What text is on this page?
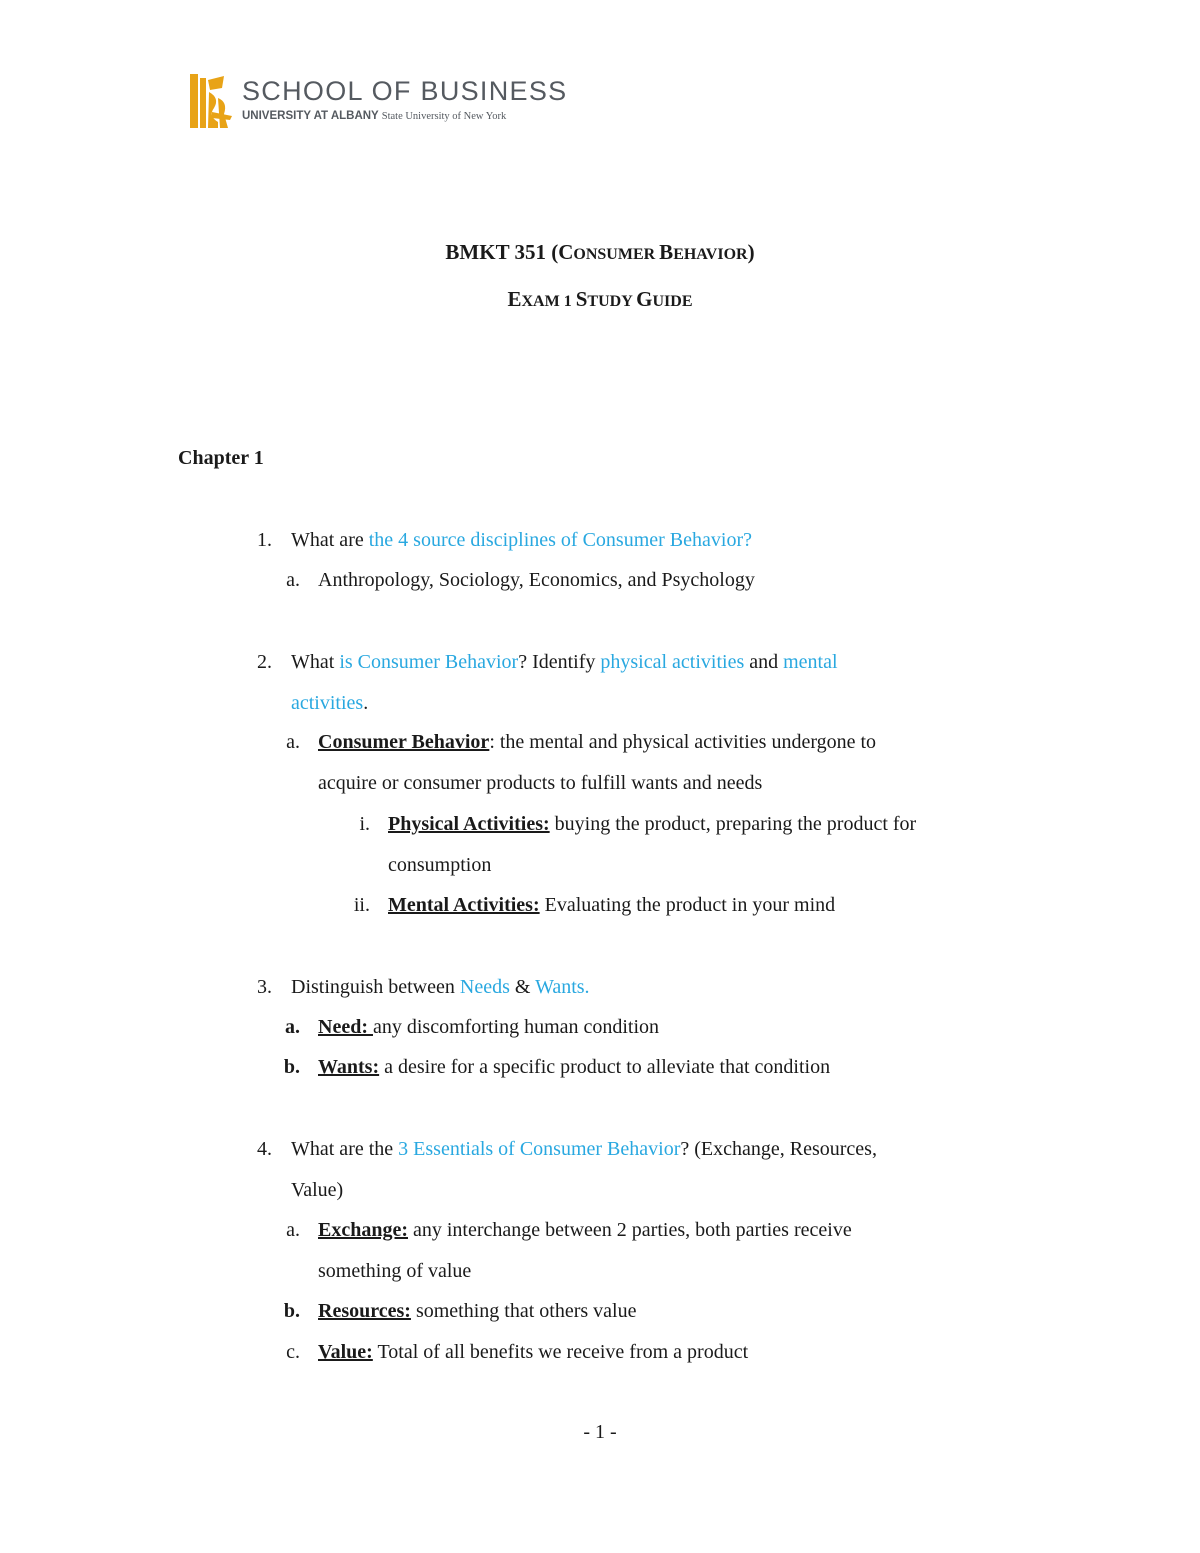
SCHOOL OF BUSINESS
UNIVERSITY AT ALBANY State University of New York
BMKT 351 (CONSUMER BEHAVIOR)
EXAM 1 STUDY GUIDE
Chapter 1
1. What are the 4 source disciplines of Consumer Behavior?
a. Anthropology, Sociology, Economics, and Psychology
2. What is Consumer Behavior? Identify physical activities and mental
activities.
a. Consumer Behavior: the mental and physical activities undergone to
acquire or consumer products to fulfill wants and needs
i. Physical Activities: buying the product, preparing the product for
consumption
ii. Mental Activities: Evaluating the product in your mind
3. Distinguish between Needs & Wants.
a. Need: any discomforting human condition
b. Wants: a desire for a specific product to alleviate that condition
4. What are the 3 Essentials of Consumer Behavior? (Exchange, Resources,
Value)
a. Exchange: any interchange between 2 parties, both parties receive
something of value
b. Resources: something that others value
c. Value: Total of all benefits we receive from a product
- 1 -
